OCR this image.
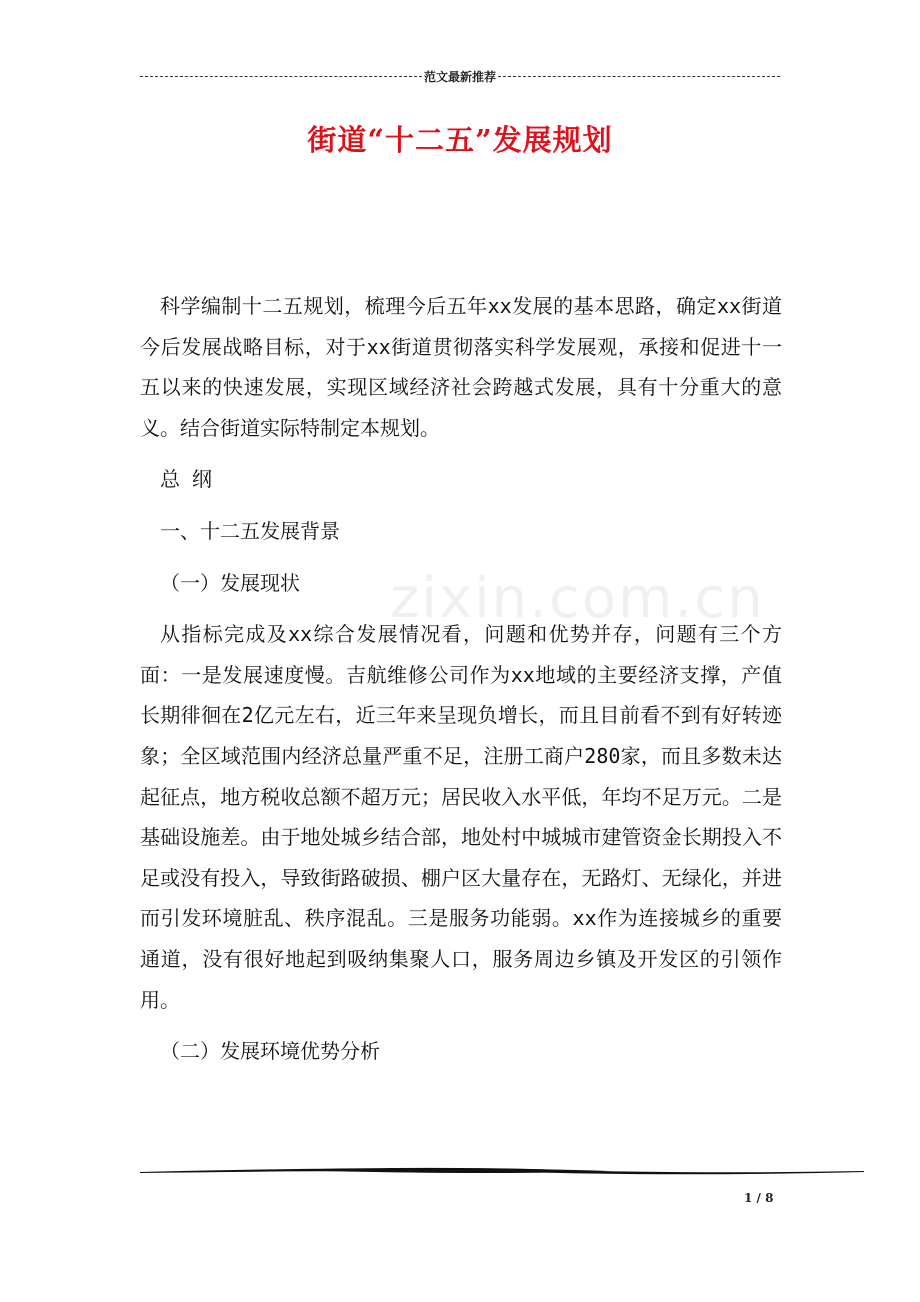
范文最新推荐
街道“十二五”发展规划
zixin.com.cn

科学编制十二五规划，梳理今后五年xx发展的基本思路，确定xx街道今后发展战略目标，对于xx街道贯彻落实科学发展观，承接和促进十一五以来的快速发展，实现区域经济社会跨越式发展，具有十分重大的意义。结合街道实际特制定本规划。

总 纲

一、十二五发展背景

（一）发展现状

从指标完成及xx综合发展情况看，问题和优势并存，问题有三个方面：一是发展速度慢。吉航维修公司作为xx地域的主要经济支撑，产值长期徘徊在2亿元左右，近三年来呈现负增长，而且目前看不到有好转迹象；全区域范围内经济总量严重不足，注册工商户280家，而且多数未达起征点，地方税收总额不超万元；居民收入水平低，年均不足万元。二是基础设施差。由于地处城乡结合部，地处村中城城市建管资金长期投入不足或没有投入，导致街路破损、棚户区大量存在，无路灯、无绿化，并进而引发环境脏乱、秩序混乱。三是服务功能弱。xx作为连接城乡的重要通道，没有很好地起到吸纳集聚人口，服务周边乡镇及开发区的引领作用。

（二）发展环境优势分析

1 / 8
